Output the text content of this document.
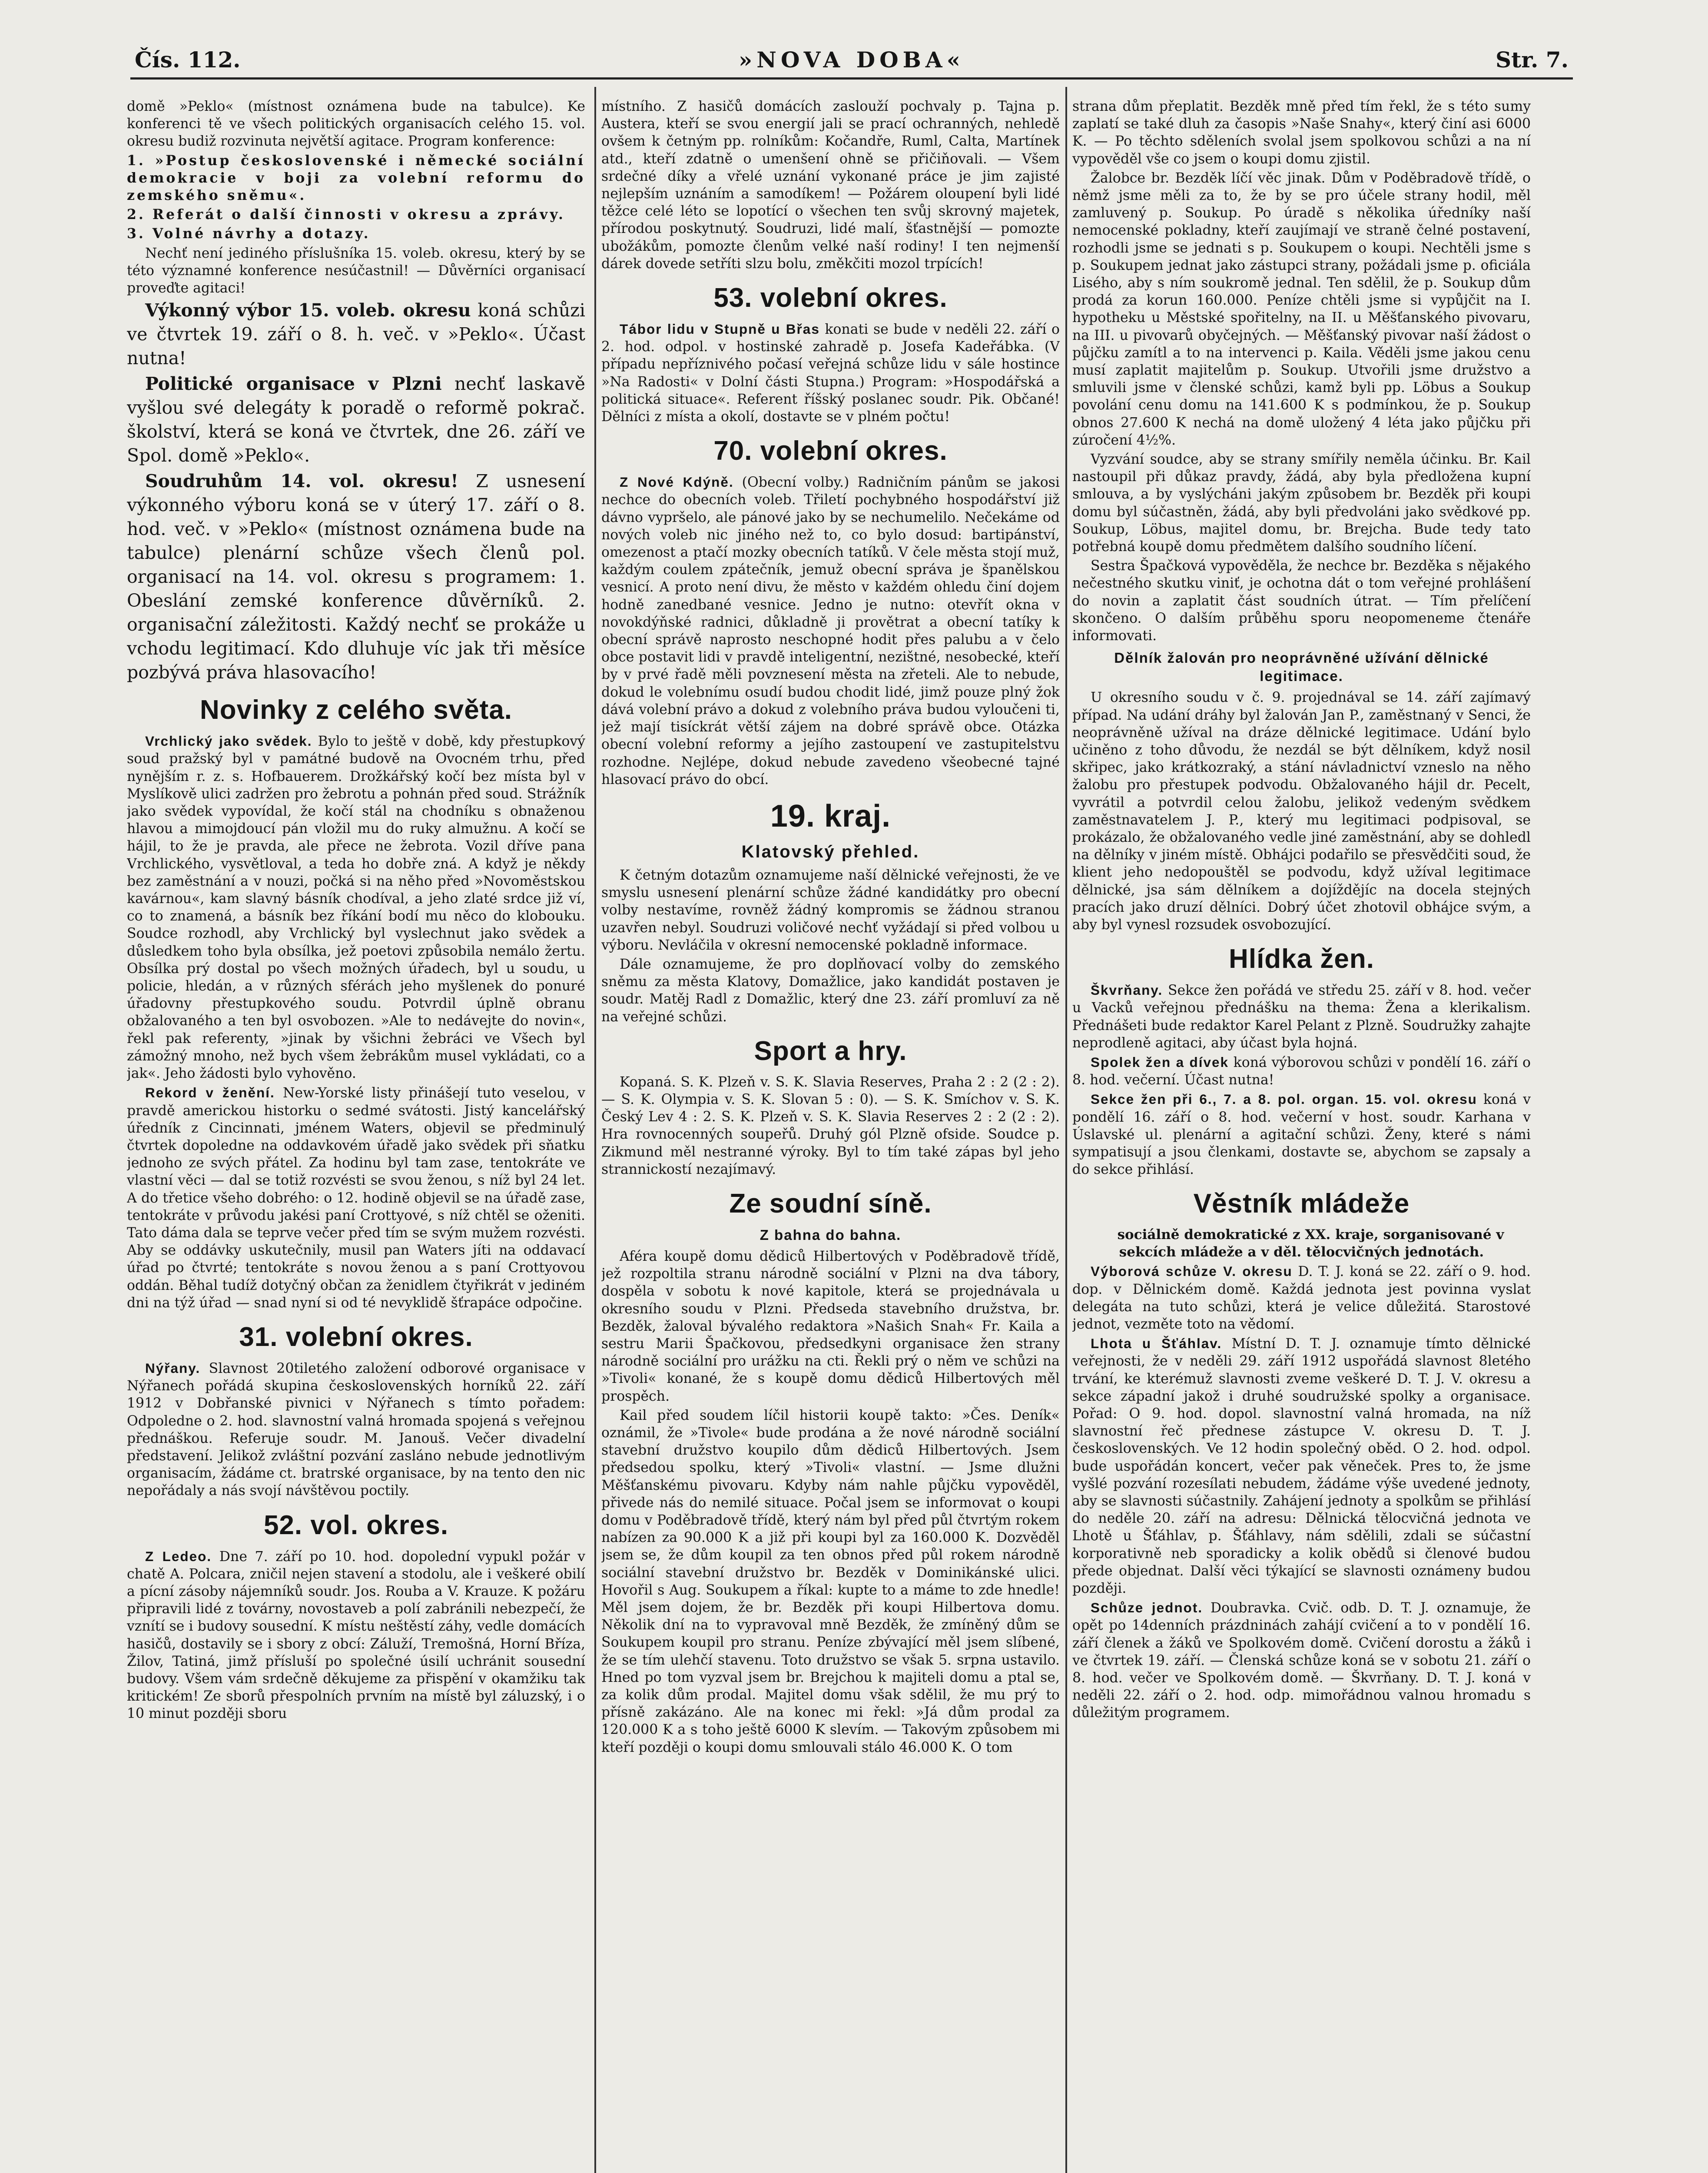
Čís. 112.	»NOVA DOBA«	Str. 7.

domě »Peklo« (místnost oznámena bude na tabulce). Ke konferenci tě ve všech politických organisacích celého 15. vol. okresu budiž rozvinuta největší agitace. Program konference:

1. »Postup československé i německé sociální demokracie v boji za volební reformu do zemského sněmu«.

2. Referát o další činnosti v okresu a zprávy.

3. Volné návrhy a dotazy.

Nechť není jediného příslušníka 15. voleb. okresu, který by se této významné konference nesúčastnil! — Důvěrníci organisací proveďte agitaci!

Výkonný výbor 15. voleb. okresu koná schůzi ve čtvrtek 19. září o 8. h. več. v »Peklo«. Účast nutna!

Politické organisace v Plzni nechť laskavě vyšlou své delegáty k poradě o reformě pokrač. školství, která se koná ve čtvrtek, dne 26. září ve Spol. domě »Peklo«.

Soudruhům 14. vol. okresu! Z usnesení výkonného výboru koná se v úterý 17. září o 8. hod. več. v »Peklo« (místnost oznámena bude na tabulce) plenární schůze všech členů pol. organisací na 14. vol. okresu s programem: 1. Obeslání zemské konference důvěrníků. 2. organisační záležitosti. Každý nechť se prokáže u vchodu legitimací. Kdo dluhuje víc jak tři měsíce pozbývá práva hlasovacího!

Novinky z celého světa.

Vrchlický jako svědek. Bylo to ještě v době, kdy přestupkový soud pražský byl v památné budově na Ovocném trhu, před nynějším r. z. s. Hofbauerem. Drožkářský kočí bez místa byl v Myslíkově ulici zadržen pro žebrotu a pohnán před soud. Strážník jako svědek vypovídal, že kočí stál na chodníku s obnaženou hlavou a mimojdoucí pán vložil mu do ruky almužnu. A kočí se hájil, to že je pravda, ale přece ne žebrota. Vozil dříve pana Vrchlického, vysvětloval, a teda ho dobře zná. A když je někdy bez zaměstnání a v nouzi, počká si na něho před »Novoměstskou kavárnou«, kam slavný básník chodíval, a jeho zlaté srdce již ví, co to znamená, a básník bez říkání bodí mu něco do klobouku. Soudce rozhodl, aby Vrchlický byl vyslechnut jako svědek a důsledkem toho byla obsílka, jež poetovi způsobila nemálo žertu. Obsílka prý dostal po všech možných úřadech, byl u soudu, u policie, hledán, a v různých sférách jeho myšlenek do ponuré úřadovny přestupkového soudu. Potvrdil úplně obranu obžalovaného a ten byl osvobozen. »Ale to nedávejte do novin«, řekl pak referenty, »jinak by všichni žebráci ve Všech byl zámožný mnoho, než bych všem žebrákům musel vykládati, co a jak«. Jeho žádosti bylo vyhověno.

Rekord v ženění. New-Yorské listy přinášejí tuto veselou, v pravdě americkou historku o sedmé svátosti. Jistý kancelářský úředník z Cincinnati, jménem Waters, objevil se předminulý čtvrtek dopoledne na oddavkovém úřadě jako svědek při sňatku jednoho ze svých přátel. Za hodinu byl tam zase, tentokráte ve vlastní věci — dal se totiž rozvésti se svou ženou, s níž byl 24 let. A do třetice všeho dobrého: o 12. hodině objevil se na úřadě zase, tentokráte v průvodu jakési paní Crottyové, s níž chtěl se oženiti. Tato dáma dala se teprve večer před tím se svým mužem rozvésti. Aby se oddávky uskutečnily, musil pan Waters jíti na oddavací úřad po čtvrté; tentokráte s novou ženou a s paní Crottyovou oddán. Běhal tudíž dotyčný občan za ženidlem čtyřikrát v jediném dni na týž úřad — snad nyní si od té nevyklidě šťrapáce odpočine.

31. volební okres.

Nýřany. Slavnost 20tiletého založení odborové organisace v Nýřanech pořádá skupina československých horníků 22. září 1912 v Dobřanské pivnici v Nýřanech s tímto pořadem: Odpoledne o 2. hod. slavnostní valná hromada spojená s veřejnou přednáškou. Referuje soudr. M. Janouš. Večer divadelní představení. Jelikož zvláštní pozvání zasláno nebude jednotlivým organisacím, žádáme ct. bratrské organisace, by na tento den nic nepořádaly a nás svojí návštěvou poctily.

52. vol. okres.

Z Ledeo. Dne 7. září po 10. hod. dopolední vypukl požár v chatě A. Polcara, zničil nejen stavení a stodolu, ale i veškeré obilí a pícní zásoby nájemníků soudr. Jos. Rouba a V. Krauze. K požáru připravili lidé z továrny, novostaveb a polí zabránili nebezpečí, že vznítí se i budovy sousední. K místu neštěstí záhy, vedle domácích hasičů, dostavily se i sbory z obcí: Záluží, Tremošná, Horní Bříza, Žilov, Tatiná, jimž přísluší po společné úsilí uchránit sousední budovy. Všem vám srdečně děkujeme za přispění v okamžiku tak kritickém! Ze sborů přespolních prvním na místě byl záluzský, i o 10 minut později sboru

místního. Z hasičů domácích zaslouží pochvaly p. Tajna p. Austera, kteří se svou energií jali se prací ochranných, nehledě ovšem k četným pp. rolníkům: Kočandře, Ruml, Calta, Martínek atd., kteří zdatně o umenšení ohně se přičiňovali. — Všem srdečné díky a vřelé uznání vykonané práce je jim zajisté nejlepším uznáním a samodíkem! — Požárem oloupení byli lidé těžce celé léto se lopotící o všechen ten svůj skrovný majetek, přírodou poskytnutý. Soudruzi, lidé malí, šťastnější — pomozte ubožákům, pomozte členům velké naší rodiny! I ten nejmenší dárek dovede setříti slzu bolu, změkčiti mozol trpících!

53. volební okres.

Tábor lidu v Stupně u Břas konati se bude v neděli 22. září o 2. hod. odpol. v hostinské zahradě p. Josefa Kadeřábka. (V případu nepříznivého počasí veřejná schůze lidu v sále hostince »Na Radosti« v Dolní části Stupna.) Program: »Hospodářská a politická situace«. Referent říšský poslanec soudr. Pik. Občané! Dělníci z místa a okolí, dostavte se v plném počtu!

70. volební okres.

Z Nové Kdýně. (Obecní volby.) Radničním pánům se jakosi nechce do obecních voleb. Třiletí pochybného hospodářství již dávno vypršelo, ale pánové jako by se nechumelilo. Nečekáme od nových voleb nic jiného než to, co bylo dosud: bartipánství, omezenost a ptačí mozky obecních tatíků. V čele města stojí muž, každým coulem zpátečník, jemuž obecní správa je španělskou vesnicí. A proto není divu, že město v každém ohledu činí dojem hodně zanedbané vesnice. Jedno je nutno: otevřít okna v novokdýňské radnici, důkladně ji provětrat a obecní tatíky k obecní správě naprosto neschopné hodit přes palubu a v čelo obce postavit lidi v pravdě inteligentní, nezištné, nesobecké, kteří by v prvé řadě měli povznesení města na zřeteli. Ale to nebude, dokud le volebnímu osudí budou chodit lidé, jimž pouze plný žok dává volební právo a dokud z volebního práva budou vyloučeni ti, jež mají tisíckrát větší zájem na dobré správě obce. Otázka obecní volební reformy a jejího zastoupení ve zastupitelstvu rozhodne. Nejlépe, dokud nebude zavedeno všeobecné tajné hlasovací právo do obcí.

19. kraj.
Klatovský přehled.

K četným dotazům oznamujeme naší dělnické veřejnosti, že ve smyslu usnesení plenární schůze žádné kandidátky pro obecní volby nestavíme, rovněž žádný kompromis se žádnou stranou uzavřen nebyl. Soudruzi voličové nechť vyžádají si před volbou u výboru. Nevláčila v okresní nemocenské pokladně informace.

Dále oznamujeme, že pro doplňovací volby do zemského sněmu za města Klatovy, Domažlice, jako kandidát postaven je soudr. Matěj Radl z Domažlic, který dne 23. září promluví za ně na veřejné schůzi.

Sport a hry.

Kopaná. S. K. Plzeň v. S. K. Slavia Reserves, Praha 2 : 2 (2 : 2). — S. K. Olympia v. S. K. Slovan 5 : 0). — S. K. Smíchov v. S. K. Český Lev 4 : 2. S. K. Plzeň v. S. K. Slavia Reserves 2 : 2 (2 : 2). Hra rovnocenných soupeřů. Druhý gól Plzně ofside. Soudce p. Zikmund měl nestranné výroky. Byl to tím také zápas byl jeho strannickostí nezajímavý.

Ze soudní síně.
Z bahna do bahna.

Aféra koupě domu dědiců Hilbertových v Poděbradově třídě, jež rozpoltila stranu národně sociální v Plzni na dva tábory, dospěla v sobotu k nové kapitole, která se projednávala u okresního soudu v Plzni. Předseda stavebního družstva, br. Bezděk, žaloval bývalého redaktora »Našich Snah« Fr. Kaila a sestru Marii Špačkovou, předsedkyni organisace žen strany národně sociální pro urážku na cti. Řekli prý o něm ve schůzi na »Tivoli« konané, že s koupě domu dědiců Hilbertových měl prospěch.

Kail před soudem líčil historii koupě takto: »Čes. Deník« oznámil, že »Tivole« bude prodána a že nové národně sociální stavební družstvo koupilo dům dědiců Hilbertových. Jsem předsedou spolku, který »Tivoli« vlastní. — Jsme dlužni Měšťanskému pivovaru. Kdyby nám nahle půjčku vypověděl, přivede nás do nemilé situace. Počal jsem se informovat o koupi domu v Poděbradově třídě, který nám byl před půl čtvrtým rokem nabízen za 90.000 K a již při koupi byl za 160.000 K. Dozvěděl jsem se, že dům koupil za ten obnos před půl rokem národně sociální stavební družstvo br. Bezděk v Dominikánské ulici. Hovořil s Aug. Soukupem a říkal: kupte to a máme to zde hnedle! Měl jsem dojem, že br. Bezděk při koupi Hilbertova domu. Několik dní na to vypravoval mně Bezděk, že zmíněný dům se Soukupem koupil pro stranu. Peníze zbývající měl jsem slíbené, že se tím ulehčí stavenu. Toto družstvo se však 5. srpna ustavilo. Hned po tom vyzval jsem br. Brejchou k majiteli domu a ptal se, za kolik dům prodal. Majitel domu však sdělil, že mu prý to přísně zakázáno. Ale na konec mi řekl: »Já dům prodal za 120.000 K a s toho ještě 6000 K slevím. — Takovým způsobem mi kteří později o koupi domu smlouvali stálo 46.000 K. O tom

strana dům přeplatit. Bezděk mně před tím řekl, že s této sumy zaplatí se také dluh za časopis »Naše Snahy«, který činí asi 6000 K. — Po těchto sděleních svolal jsem spolkovou schůzi a na ní vypověděl vše co jsem o koupi domu zjistil.

Žalobce br. Bezděk líčí věc jinak. Dům v Poděbradově třídě, o němž jsme měli za to, že by se pro účele strany hodil, měl zamluvený p. Soukup. Po úradě s několika úředníky naší nemocenské pokladny, kteří zaujímají ve straně čelné postavení, rozhodli jsme se jednati s p. Soukupem o koupi. Nechtěli jsme s p. Soukupem jednat jako zástupci strany, požádali jsme p. oficiála Lisého, aby s ním soukromě jednal. Ten sdělil, že p. Soukup dům prodá za korun 160.000. Peníze chtěli jsme si vypůjčit na I. hypotheku u Městské spořitelny, na II. u Měšťanského pivovaru, na III. u pivovarů obyčejných. — Měšťanský pivovar naší žádost o půjčku zamítl a to na intervenci p. Kaila. Věděli jsme jakou cenu musí zaplatit majitelům p. Soukup. Utvořili jsme družstvo a smluvili jsme v členské schůzi, kamž byli pp. Löbus a Soukup povolání cenu domu na 141.600 K s podmínkou, že p. Soukup obnos 27.600 K nechá na domě uložený 4 léta jako půjčku při zúročení 4½%.

Vyzvání soudce, aby se strany smířily neměla účinku. Br. Kail nastoupil při důkaz pravdy, žádá, aby byla předložena kupní smlouva, a by vyslýcháni jakým způsobem br. Bezděk při koupi domu byl súčastněn, žádá, aby byli předvoláni jako svědkové pp. Soukup, Löbus, majitel domu, br. Brejcha. Bude tedy tato potřebná koupě domu předmětem dalšího soudního líčení.

Sestra Špačková vypověděla, že nechce br. Bezděka s nějakého nečestného skutku viniť, je ochotna dát o tom veřejné prohlášení do novin a zaplatit část soudních útrat. — Tím přelíčení skončeno. O dalším průběhu sporu neopomeneme čtenáře informovati.

Dělník žalován pro neoprávněné užívání dělnické legitimace.

U okresního soudu v č. 9. projednával se 14. září zajímavý případ. Na udání dráhy byl žalován Jan P., zaměstnaný v Senci, že neoprávněně užíval na dráze dělnické legitimace. Udání bylo učiněno z toho důvodu, že nezdál se být dělníkem, když nosil skřipec, jako krátkozraký, a stání návladnictví vzneslo na něho žalobu pro přestupek podvodu. Obžalovaného hájil dr. Pecelt, vyvrátil a potvrdil celou žalobu, jelikož vedeným svědkem zaměstnavatelem J. P., který mu legitimaci podpisoval, se prokázalo, že obžalovaného vedle jiné zaměstnání, aby se dohledl na dělníky v jiném místě. Obhájci podařilo se přesvědčiti soud, že klient jeho nedopouštěl se podvodu, když užíval legitimace dělnické, jsa sám dělníkem a dojíždějíc na docela stejných pracích jako druzí dělníci. Dobrý účet zhotovil obhájce svým, a aby byl vynesl rozsudek osvobozující.

Hlídka žen.

Škvrňany. Sekce žen pořádá ve středu 25. září v 8. hod. večer u Vacků veřejnou přednášku na thema: Žena a klerikalism. Přednášeti bude redaktor Karel Pelant z Plzně. Soudružky zahajte neprodleně agitaci, aby účast byla hojná.

Spolek žen a dívek koná výborovou schůzi v pondělí 16. září o 8. hod. večerní. Účast nutna!

Sekce žen při 6., 7. a 8. pol. organ. 15. vol. okresu koná v pondělí 16. září o 8. hod. večerní v host. soudr. Karhana v Úslavské ul. plenární a agitační schůzi. Ženy, které s námi sympatisují a jsou členkami, dostavte se, abychom se zapsaly a do sekce přihlásí.

Věstník mládeže

sociálně demokratické z XX. kraje, sorganisované v sekcích mládeže a v děl. tělocvičných jednotách.

Výborová schůze V. okresu D. T. J. koná se 22. září o 9. hod. dop. v Dělnickém domě. Každá jednota jest povinna vyslat delegáta na tuto schůzi, která je velice důležitá. Starostové jednot, vezměte toto na vědomí.

Lhota u Šťáhlav. Místní D. T. J. oznamuje tímto dělnické veřejnosti, že v neděli 29. září 1912 uspořádá slavnost 8letého trvání, ke kterémuž slavnosti zveme veškeré D. T. J. V. okresu a sekce západní jakož i druhé soudružské spolky a organisace. Pořad: O 9. hod. dopol. slavnostní valná hromada, na níž slavnostní řeč přednese zástupce V. okresu D. T. J. československých. Ve 12 hodin společný oběd. O 2. hod. odpol. bude uspořádán koncert, večer pak věneček. Pres to, že jsme vyšlé pozvání rozesílati nebudem, žádáme výše uvedené jednoty, aby se slavnosti súčastnily. Zahájení jednoty a spolkům se přihlásí do neděle 20. září na adresu: Dělnická tělocvičná jednota ve Lhotě u Šťáhlav, p. Šťáhlavy, nám sdělili, zdali se súčastní korporativně neb sporadicky a kolik obědů si členové budou přede objednat. Další věci týkající se slavnosti oznámeny budou později.

Schůze jednot. Doubravka. Cvič. odb. D. T. J. oznamuje, že opět po 14denních prázdninách zahájí cvičení a to v pondělí 16. září členek a žáků ve Spolkovém domě. Cvičení dorostu a žáků i ve čtvrtek 19. září. — Členská schůze koná se v sobotu 21. září o 8. hod. večer ve Spolkovém domě. — Škvrňany. D. T. J. koná v neděli 22. září o 2. hod. odp. mimořádnou valnou hromadu s důležitým programem.
